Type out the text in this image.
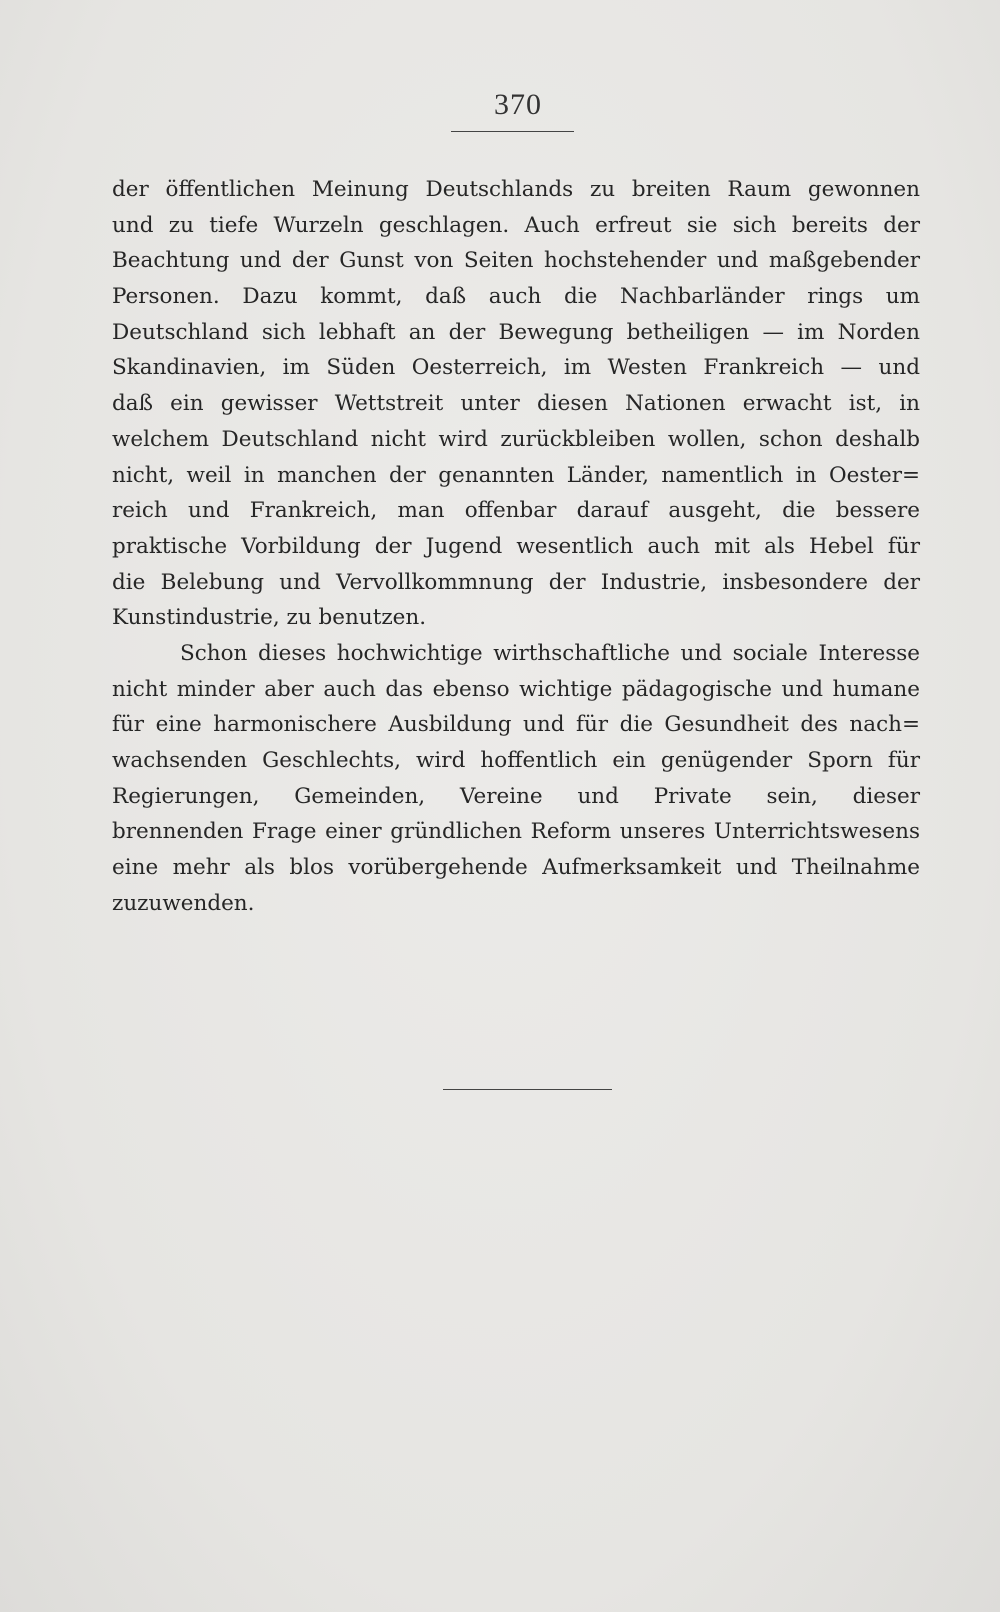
370
der öffentlichen Meinung Deutschlands zu breiten Raum gewonnen
und zu tiefe Wurzeln geschlagen. Auch erfreut sie sich bereits der
Beachtung und der Gunst von Seiten hochstehender und maßgebender
Personen. Dazu kommt, daß auch die Nachbarländer rings um
Deutschland sich lebhaft an der Bewegung betheiligen — im Norden
Skandinavien, im Süden Oesterreich, im Westen Frankreich — und
daß ein gewisser Wettstreit unter diesen Nationen erwacht ist, in
welchem Deutschland nicht wird zurückbleiben wollen, schon deshalb
nicht, weil in manchen der genannten Länder, namentlich in Oester=
reich und Frankreich, man offenbar darauf ausgeht, die bessere
praktische Vorbildung der Jugend wesentlich auch mit als Hebel für
die Belebung und Vervollkommnung der Industrie, insbesondere der
Kunstindustrie, zu benutzen.
Schon dieses hochwichtige wirthschaftliche und sociale Interesse
nicht minder aber auch das ebenso wichtige pädagogische und humane
für eine harmonischere Ausbildung und für die Gesundheit des nach=
wachsenden Geschlechts, wird hoffentlich ein genügender Sporn für
Regierungen, Gemeinden, Vereine und Private sein, dieser
brennenden Frage einer gründlichen Reform unseres Unterrichtswesens
eine mehr als blos vorübergehende Aufmerksamkeit und Theilnahme
zuzuwenden.
